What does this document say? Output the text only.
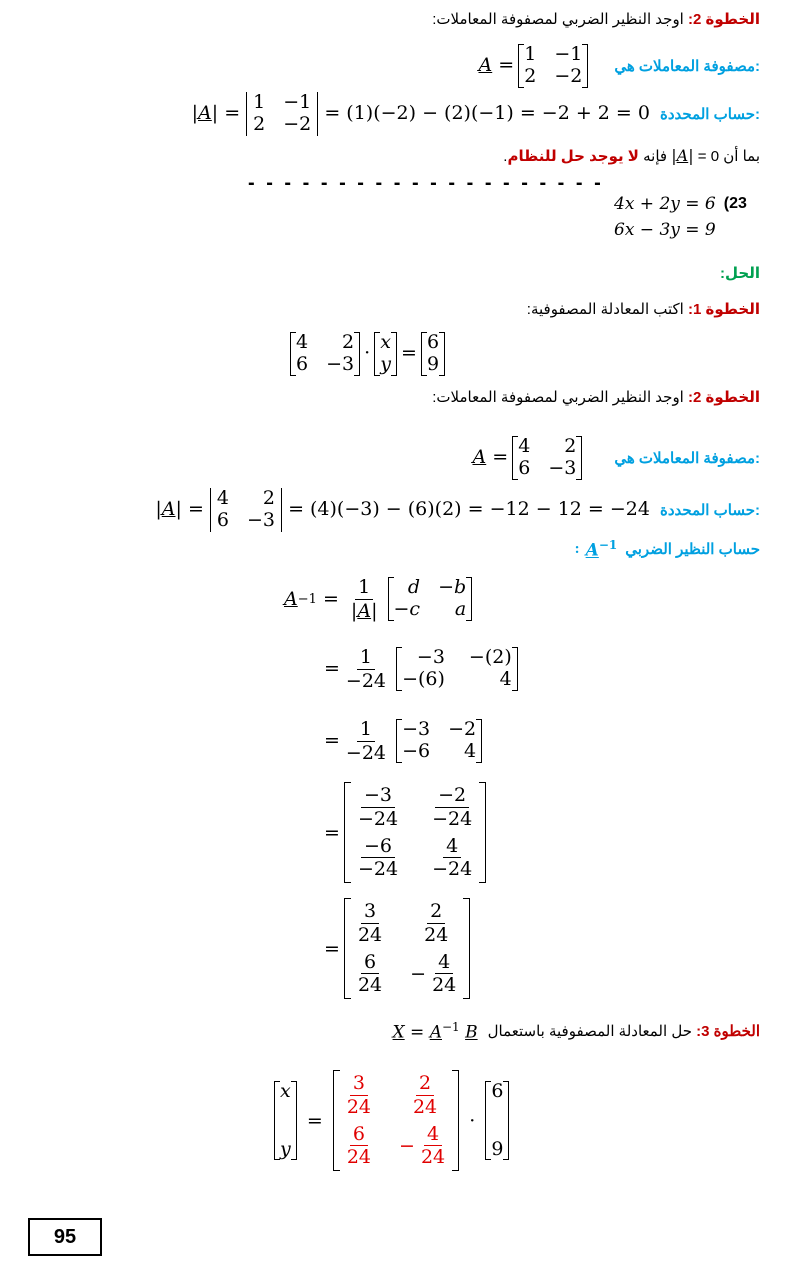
الخطوة 2: اوجد النظير الضربي لمصفوفة المعاملات:
A = 1 −1
2 −2 مصفوفة المعاملات هي:
|A| = 1 −1
2 −2 = (1)(−2) − (2)(−1) = −2 + 2 = 0 حساب المحددة:
بما أن 0 = |A| فإنه لا يوجد حل للنظام.
- - - - - - - - - - - - - - - - - - - -
4x + 2y = 6 (23
6x − 3y = 9
الحل:
الخطوة 1: اكتب المعادلة المصفوفية:
4	2
6 −3 · x
y = 6
9
الخطوة 2: اوجد النظير الضربي لمصفوفة المعاملات:
A = 4	2
6 −3	مصفوفة المعاملات هي:
|A| = 4	2
6 −3 = (4)(−3) − (6)(2) = −12 − 12 = −24 حساب المحددة:
: $A^{-1}$ حساب النظير الضربي
$A -1 = \frac{1}{|A|}$
	d −b
−c	a
= $\frac{1}{-24}$
	−3 −(2)
−(6)	4
= $\frac{1}{-24}$
−3 −2
−6	4
=
$\frac{-3}{-24} \frac{-2}{-24}$
$\frac{-6}{-24} \frac{4}{-24}$
=
$\frac{3}{24} \frac{2}{24}$
$\frac{6}{24} - \frac{4}{24}$
$X = A^{-1}$ B	الخطوة 3: حل المعادلة المصفوفية باستعمال
x
y
=
$\frac{3}{24} \frac{2}{24}$
$\frac{6}{24} - \frac{4}{24}$
·
6
9
95
